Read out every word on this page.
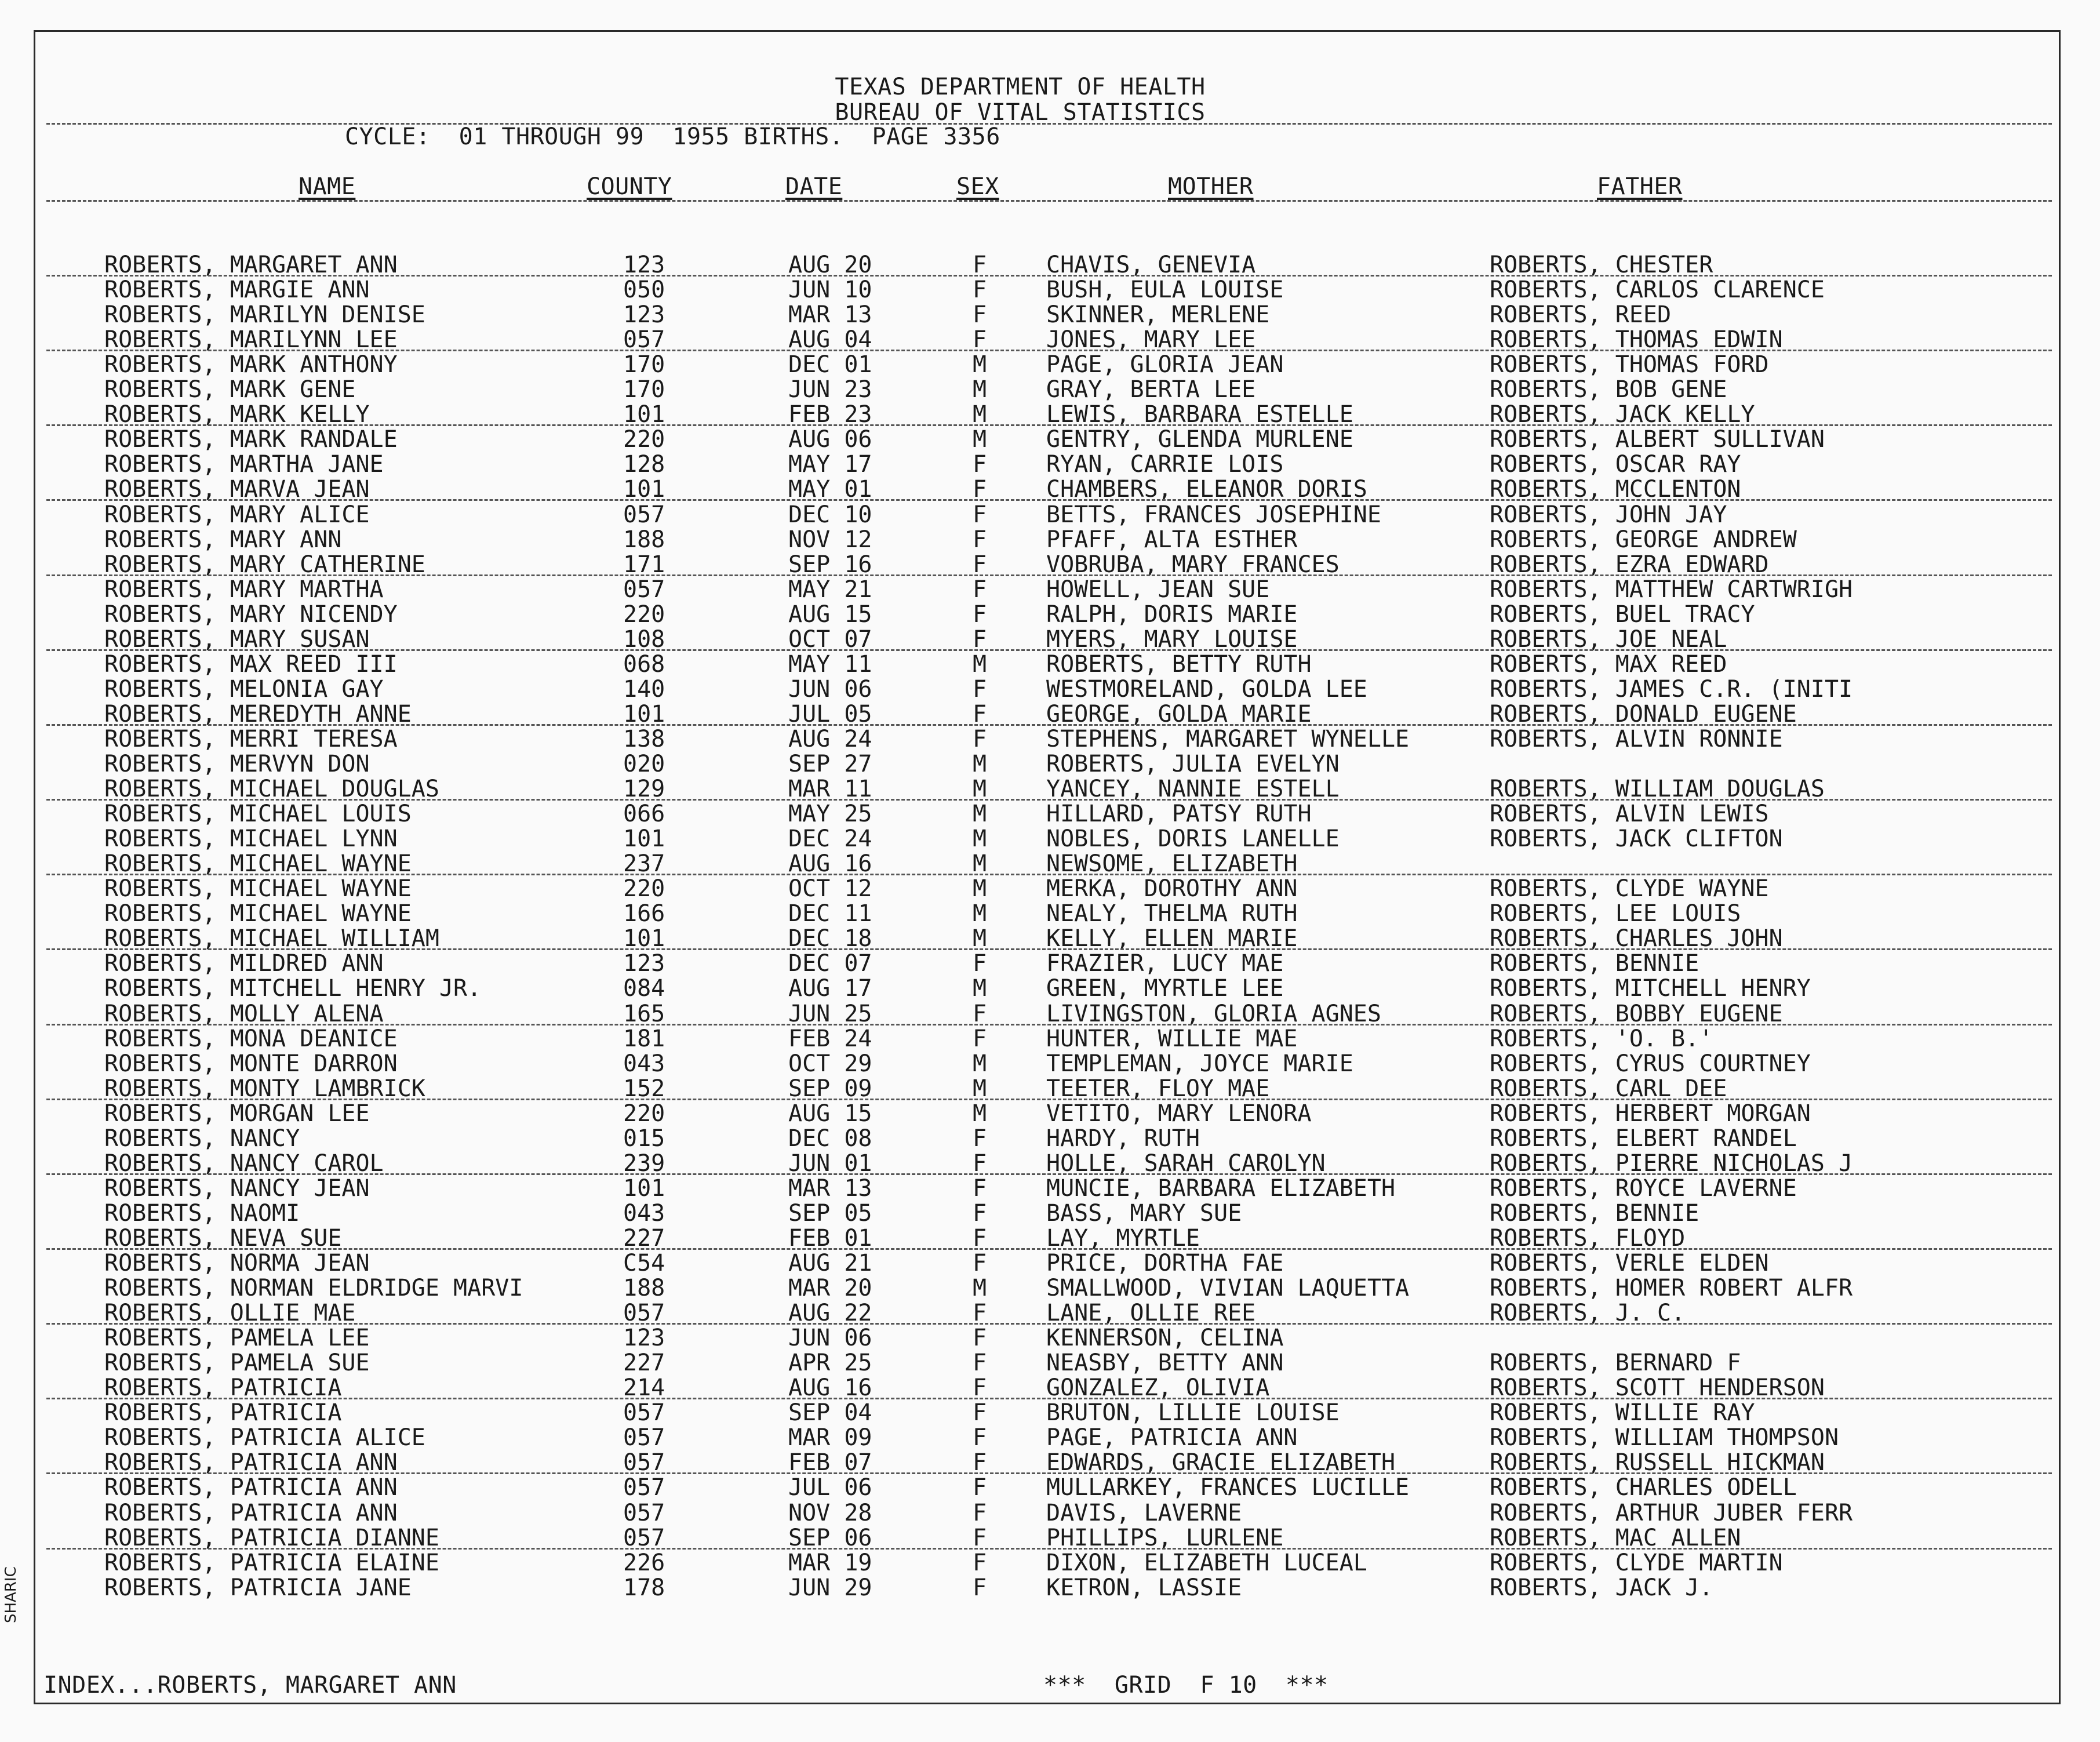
TEXAS DEPARTMENT OF HEALTH
BUREAU OF VITAL STATISTICS
CYCLE:  01 THROUGH 99  1955 BIRTHS.  PAGE 3356
NAME	COUNTY	DATE	SEX	MOTHER	FATHER
ROBERTS, MARGARET ANN	123	AUG 20	F	CHAVIS, GENEVIA	ROBERTS, CHESTER
ROBERTS, MARGIE ANN	050	JUN 10	F	BUSH, EULA LOUISE	ROBERTS, CARLOS CLARENCE
ROBERTS, MARILYN DENISE	123	MAR 13	F	SKINNER, MERLENE	ROBERTS, REED
ROBERTS, MARILYNN LEE	057	AUG 04	F	JONES, MARY LEE	ROBERTS, THOMAS EDWIN
ROBERTS, MARK ANTHONY	170	DEC 01	M	PAGE, GLORIA JEAN	ROBERTS, THOMAS FORD
ROBERTS, MARK GENE	170	JUN 23	M	GRAY, BERTA LEE	ROBERTS, BOB GENE
ROBERTS, MARK KELLY	101	FEB 23	M	LEWIS, BARBARA ESTELLE	ROBERTS, JACK KELLY
ROBERTS, MARK RANDALE	220	AUG 06	M	GENTRY, GLENDA MURLENE	ROBERTS, ALBERT SULLIVAN
ROBERTS, MARTHA JANE	128	MAY 17	F	RYAN, CARRIE LOIS	ROBERTS, OSCAR RAY
ROBERTS, MARVA JEAN	101	MAY 01	F	CHAMBERS, ELEANOR DORIS	ROBERTS, MCCLENTON
ROBERTS, MARY ALICE	057	DEC 10	F	BETTS, FRANCES JOSEPHINE	ROBERTS, JOHN JAY
ROBERTS, MARY ANN	188	NOV 12	F	PFAFF, ALTA ESTHER	ROBERTS, GEORGE ANDREW
ROBERTS, MARY CATHERINE	171	SEP 16	F	VOBRUBA, MARY FRANCES	ROBERTS, EZRA EDWARD
ROBERTS, MARY MARTHA	057	MAY 21	F	HOWELL, JEAN SUE	ROBERTS, MATTHEW CARTWRIGH
ROBERTS, MARY NICENDY	220	AUG 15	F	RALPH, DORIS MARIE	ROBERTS, BUEL TRACY
ROBERTS, MARY SUSAN	108	OCT 07	F	MYERS, MARY LOUISE	ROBERTS, JOE NEAL
ROBERTS, MAX REED III	068	MAY 11	M	ROBERTS, BETTY RUTH	ROBERTS, MAX REED
ROBERTS, MELONIA GAY	140	JUN 06	F	WESTMORELAND, GOLDA LEE	ROBERTS, JAMES C.R. (INITI
ROBERTS, MEREDYTH ANNE	101	JUL 05	F	GEORGE, GOLDA MARIE	ROBERTS, DONALD EUGENE
ROBERTS, MERRI TERESA	138	AUG 24	F	STEPHENS, MARGARET WYNELLE	ROBERTS, ALVIN RONNIE
ROBERTS, MERVYN DON	020	SEP 27	M	ROBERTS, JULIA EVELYN
ROBERTS, MICHAEL DOUGLAS	129	MAR 11	M	YANCEY, NANNIE ESTELL	ROBERTS, WILLIAM DOUGLAS
ROBERTS, MICHAEL LOUIS	066	MAY 25	M	HILLARD, PATSY RUTH	ROBERTS, ALVIN LEWIS
ROBERTS, MICHAEL LYNN	101	DEC 24	M	NOBLES, DORIS LANELLE	ROBERTS, JACK CLIFTON
ROBERTS, MICHAEL WAYNE	237	AUG 16	M	NEWSOME, ELIZABETH
ROBERTS, MICHAEL WAYNE	220	OCT 12	M	MERKA, DOROTHY ANN	ROBERTS, CLYDE WAYNE
ROBERTS, MICHAEL WAYNE	166	DEC 11	M	NEALY, THELMA RUTH	ROBERTS, LEE LOUIS
ROBERTS, MICHAEL WILLIAM	101	DEC 18	M	KELLY, ELLEN MARIE	ROBERTS, CHARLES JOHN
ROBERTS, MILDRED ANN	123	DEC 07	F	FRAZIER, LUCY MAE	ROBERTS, BENNIE
ROBERTS, MITCHELL HENRY JR.	084	AUG 17	M	GREEN, MYRTLE LEE	ROBERTS, MITCHELL HENRY
ROBERTS, MOLLY ALENA	165	JUN 25	F	LIVINGSTON, GLORIA AGNES	ROBERTS, BOBBY EUGENE
ROBERTS, MONA DEANICE	181	FEB 24	F	HUNTER, WILLIE MAE	ROBERTS, 'O. B.'
ROBERTS, MONTE DARRON	043	OCT 29	M	TEMPLEMAN, JOYCE MARIE	ROBERTS, CYRUS COURTNEY
ROBERTS, MONTY LAMBRICK	152	SEP 09	M	TEETER, FLOY MAE	ROBERTS, CARL DEE
ROBERTS, MORGAN LEE	220	AUG 15	M	VETITO, MARY LENORA	ROBERTS, HERBERT MORGAN
ROBERTS, NANCY	015	DEC 08	F	HARDY, RUTH	ROBERTS, ELBERT RANDEL
ROBERTS, NANCY CAROL	239	JUN 01	F	HOLLE, SARAH CAROLYN	ROBERTS, PIERRE NICHOLAS J
ROBERTS, NANCY JEAN	101	MAR 13	F	MUNCIE, BARBARA ELIZABETH	ROBERTS, ROYCE LAVERNE
ROBERTS, NAOMI	043	SEP 05	F	BASS, MARY SUE	ROBERTS, BENNIE
ROBERTS, NEVA SUE	227	FEB 01	F	LAY, MYRTLE	ROBERTS, FLOYD
ROBERTS, NORMA JEAN	C54	AUG 21	F	PRICE, DORTHA FAE	ROBERTS, VERLE ELDEN
ROBERTS, NORMAN ELDRIDGE MARVI	188	MAR 20	M	SMALLWOOD, VIVIAN LAQUETTA	ROBERTS, HOMER ROBERT ALFR
ROBERTS, OLLIE MAE	057	AUG 22	F	LANE, OLLIE REE	ROBERTS, J. C.
ROBERTS, PAMELA LEE	123	JUN 06	F	KENNERSON, CELINA
ROBERTS, PAMELA SUE	227	APR 25	F	NEASBY, BETTY ANN	ROBERTS, BERNARD F
ROBERTS, PATRICIA	214	AUG 16	F	GONZALEZ, OLIVIA	ROBERTS, SCOTT HENDERSON
ROBERTS, PATRICIA	057	SEP 04	F	BRUTON, LILLIE LOUISE	ROBERTS, WILLIE RAY
ROBERTS, PATRICIA ALICE	057	MAR 09	F	PAGE, PATRICIA ANN	ROBERTS, WILLIAM THOMPSON
ROBERTS, PATRICIA ANN	057	FEB 07	F	EDWARDS, GRACIE ELIZABETH	ROBERTS, RUSSELL HICKMAN
ROBERTS, PATRICIA ANN	057	JUL 06	F	MULLARKEY, FRANCES LUCILLE	ROBERTS, CHARLES ODELL
ROBERTS, PATRICIA ANN	057	NOV 28	F	DAVIS, LAVERNE	ROBERTS, ARTHUR JUBER FERR
ROBERTS, PATRICIA DIANNE	057	SEP 06	F	PHILLIPS, LURLENE	ROBERTS, MAC ALLEN
ROBERTS, PATRICIA ELAINE	226	MAR 19	F	DIXON, ELIZABETH LUCEAL	ROBERTS, CLYDE MARTIN
ROBERTS, PATRICIA JANE	178	JUN 29	F	KETRON, LASSIE	ROBERTS, JACK J.
INDEX...ROBERTS, MARGARET ANN	***  GRID  F 10  ***
SHARIC
